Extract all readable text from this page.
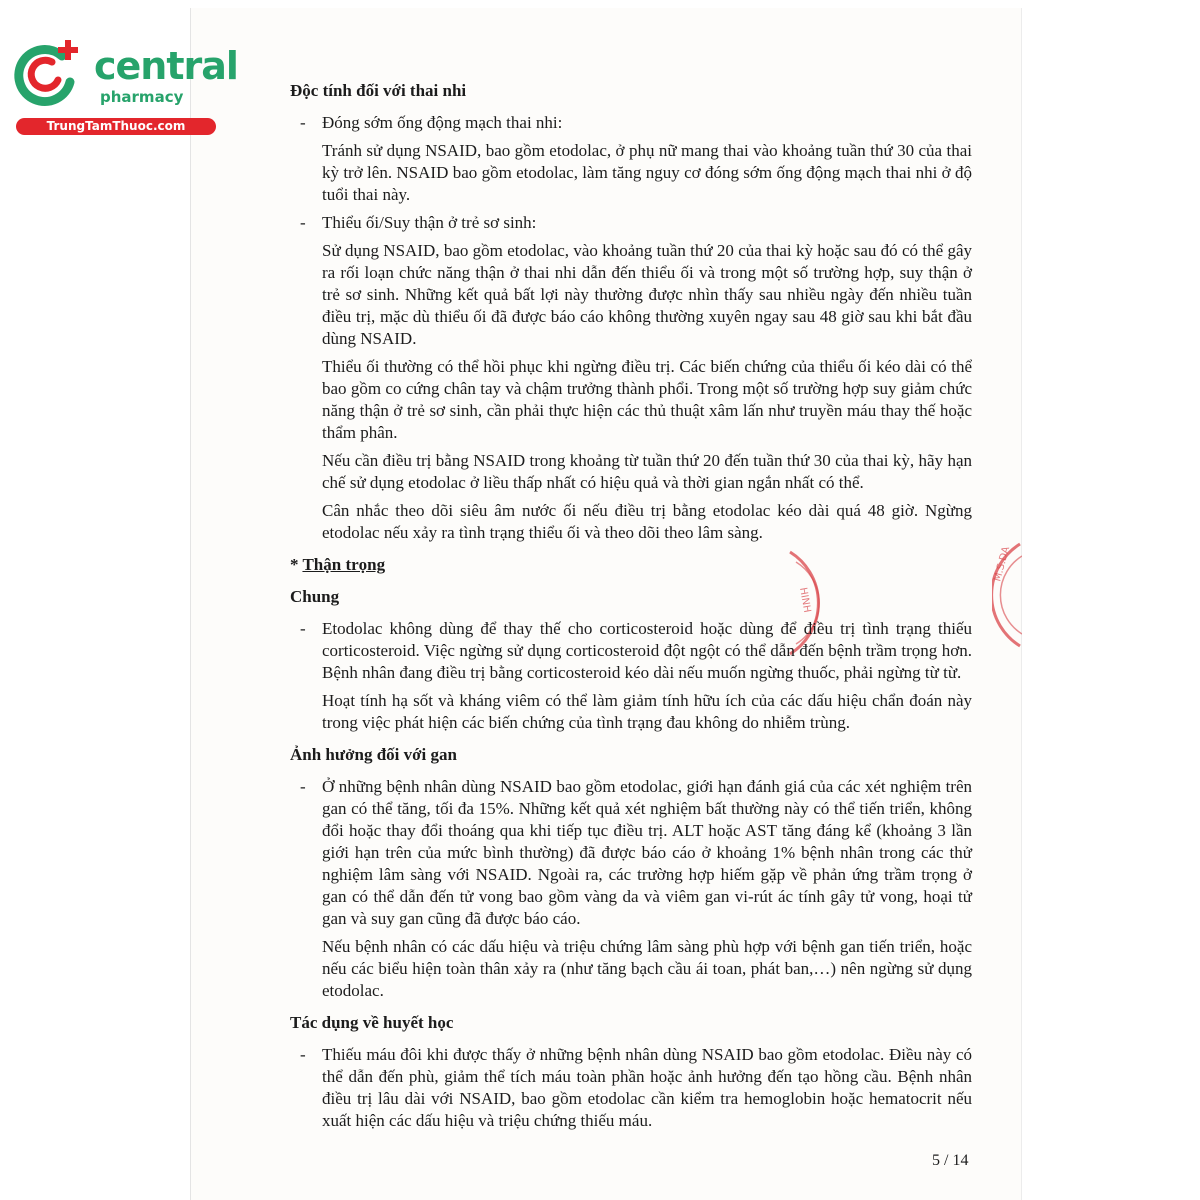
central
pharmacy
TrungTamThuoc.com
HINH
M.S.DA
Độc tính đối với thai nhi
- Đóng sớm ống động mạch thai nhi:
Tránh sử dụng NSAID, bao gồm etodolac, ở phụ nữ mang thai vào khoảng tuần thứ 30 của thai kỳ trở lên. NSAID bao gồm etodolac, làm tăng nguy cơ đóng sớm ống động mạch thai nhi ở độ tuổi thai này.
- Thiểu ối/Suy thận ở trẻ sơ sinh:
Sử dụng NSAID, bao gồm etodolac, vào khoảng tuần thứ 20 của thai kỳ hoặc sau đó có thể gây ra rối loạn chức năng thận ở thai nhi dẫn đến thiểu ối và trong một số trường hợp, suy thận ở trẻ sơ sinh. Những kết quả bất lợi này thường được nhìn thấy sau nhiều ngày đến nhiều tuần điều trị, mặc dù thiểu ối đã được báo cáo không thường xuyên ngay sau 48 giờ sau khi bắt đầu dùng NSAID.
Thiểu ối thường có thể hồi phục khi ngừng điều trị. Các biến chứng của thiểu ối kéo dài có thể bao gồm co cứng chân tay và chậm trưởng thành phổi. Trong một số trường hợp suy giảm chức năng thận ở trẻ sơ sinh, cần phải thực hiện các thủ thuật xâm lấn như truyền máu thay thế hoặc thẩm phân.
Nếu cần điều trị bằng NSAID trong khoảng từ tuần thứ 20 đến tuần thứ 30 của thai kỳ, hãy hạn chế sử dụng etodolac ở liều thấp nhất có hiệu quả và thời gian ngắn nhất có thể.
Cân nhắc theo dõi siêu âm nước ối nếu điều trị bằng etodolac kéo dài quá 48 giờ. Ngừng etodolac nếu xảy ra tình trạng thiểu ối và theo dõi theo lâm sàng.
* Thận trọng
Chung
- Etodolac không dùng để thay thế cho corticosteroid hoặc dùng để điều trị tình trạng thiếu corticosteroid. Việc ngừng sử dụng corticosteroid đột ngột có thể dẫn đến bệnh trầm trọng hơn. Bệnh nhân đang điều trị bằng corticosteroid kéo dài nếu muốn ngừng thuốc, phải ngừng từ từ.
Hoạt tính hạ sốt và kháng viêm có thể làm giảm tính hữu ích của các dấu hiệu chẩn đoán này trong việc phát hiện các biến chứng của tình trạng đau không do nhiễm trùng.
Ảnh hưởng đối với gan
- Ở những bệnh nhân dùng NSAID bao gồm etodolac, giới hạn đánh giá của các xét nghiệm trên gan có thể tăng, tối đa 15%. Những kết quả xét nghiệm bất thường này có thể tiến triển, không đổi hoặc thay đổi thoáng qua khi tiếp tục điều trị. ALT hoặc AST tăng đáng kể (khoảng 3 lần giới hạn trên của mức bình thường) đã được báo cáo ở khoảng 1% bệnh nhân trong các thử nghiệm lâm sàng với NSAID. Ngoài ra, các trường hợp hiếm gặp về phản ứng trầm trọng ở gan có thể dẫn đến tử vong bao gồm vàng da và viêm gan vi-rút ác tính gây tử vong, hoại tử gan và suy gan cũng đã được báo cáo.
Nếu bệnh nhân có các dấu hiệu và triệu chứng lâm sàng phù hợp với bệnh gan tiến triển, hoặc nếu các biểu hiện toàn thân xảy ra (như tăng bạch cầu ái toan, phát ban,…) nên ngừng sử dụng etodolac.
Tác dụng về huyết học
- Thiếu máu đôi khi được thấy ở những bệnh nhân dùng NSAID bao gồm etodolac. Điều này có thể dẫn đến phù, giảm thể tích máu toàn phần hoặc ảnh hưởng đến tạo hồng cầu. Bệnh nhân điều trị lâu dài với NSAID, bao gồm etodolac cần kiểm tra hemoglobin hoặc hematocrit nếu xuất hiện các dấu hiệu và triệu chứng thiếu máu.
5 / 14
